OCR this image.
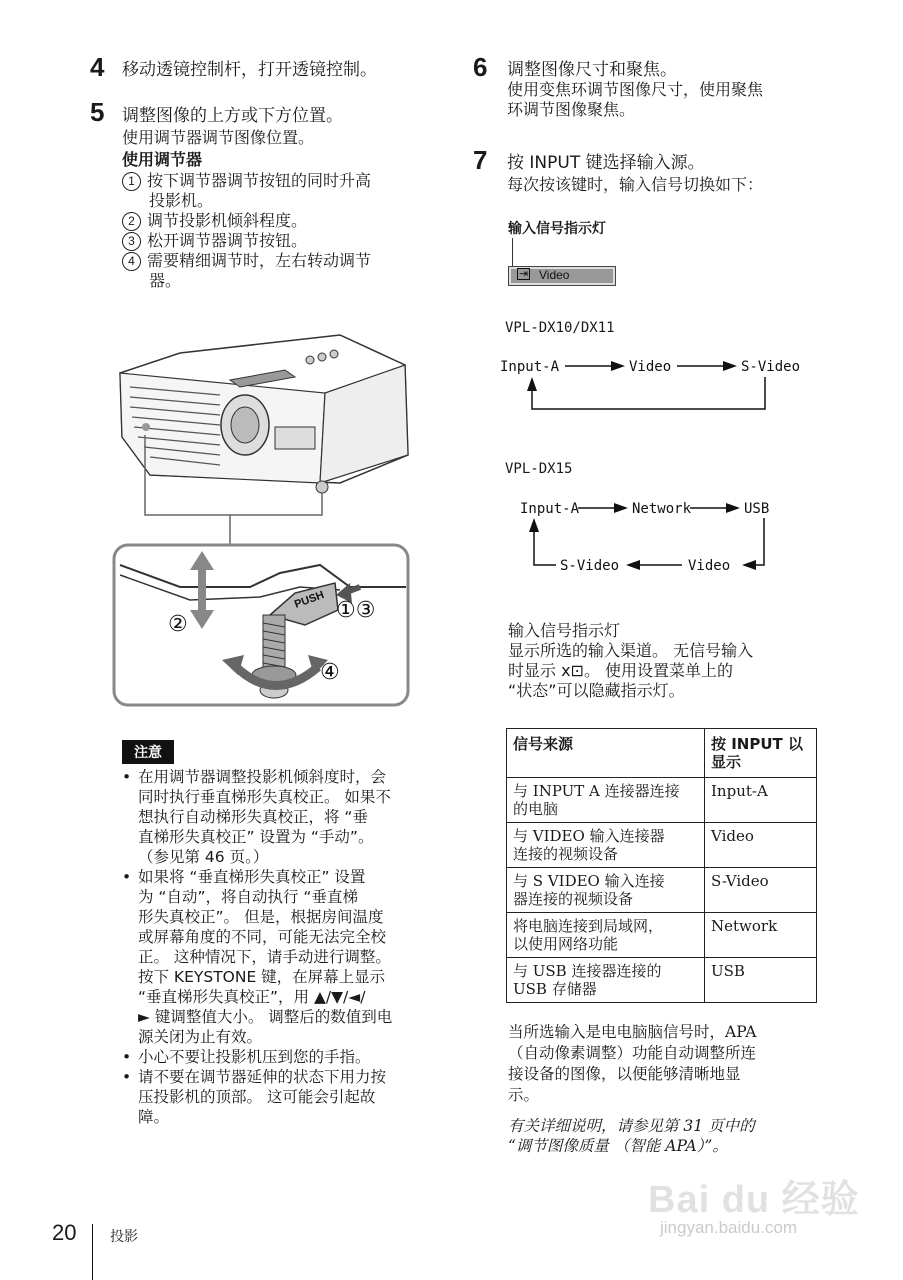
4 移动透镜控制杆，打开透镜控制。
5 调整图像的上方或下方位置。
使用调节器调节图像位置。
使用调节器
1 按下调节器调节按钮的同时升高
投影机。
2 调节投影机倾斜程度。
3 松开调节器调节按钮。
4 需要精细调节时，左右转动调节
器。
PUSH ①③
②
④
注意
• 在用调节器调整投影机倾斜度时，会
同时执行垂直梯形失真校正。 如果不
想执行自动梯形失真校正，将 “垂
直梯形失真校正” 设置为 “手动”。
（参见第 46 页。）
• 如果将 “垂直梯形失真校正” 设置
为 “自动”，将自动执行 “垂直梯
形失真校正”。 但是，根据房间温度
或屏幕角度的不同，可能无法完全校
正。 这种情况下，请手动进行调整。
按下 KEYSTONE 键，在屏幕上显示
“垂直梯形失真校正”，用 ▲/▼/◄/
► 键调整值大小。 调整后的数值到电
源关闭为止有效。
• 小心不要让投影机压到您的手指。
• 请不要在调节器延伸的状态下用力按
压投影机的顶部。 这可能会引起故
障。
6 调整图像尺寸和聚焦。
使用变焦环调节图像尺寸，使用聚焦
环调节图像聚焦。
7 按 INPUT 键选择输入源。
每次按该键时，输入信号切换如下：
输入信号指示灯
⇥ Video
VPL-DX10/DX11
Input-A	Video	S-Video
VPL-DX15
Input-A	Network	USB
S-Video	Video
输入信号指示灯
显示所选的输入渠道。 无信号输入
时显示 x⊡。 使用设置菜单上的
“状态”可以隐藏指示灯。
信号来源	按 INPUT 以显示

与 INPUT A 连接器连接
的电脑	Input-A

与 VIDEO 输入连接器
连接的视频设备	Video

与 S VIDEO 输入连接
器连接的视频设备	S-Video

将电脑连接到局域网，
以使用网络功能	Network

与 USB 连接器连接的
USB 存储器	USB
当所选输入是电电脑脑信号时，APA
（自动像素调整）功能自动调整所连
接设备的图像，以便能够清晰地显
示。
有关详细说明，请参见第 31 页中的
“调节图像质量 （智能 APA）”。
20 投影
Bai du 经验
jingyan.baidu.com
